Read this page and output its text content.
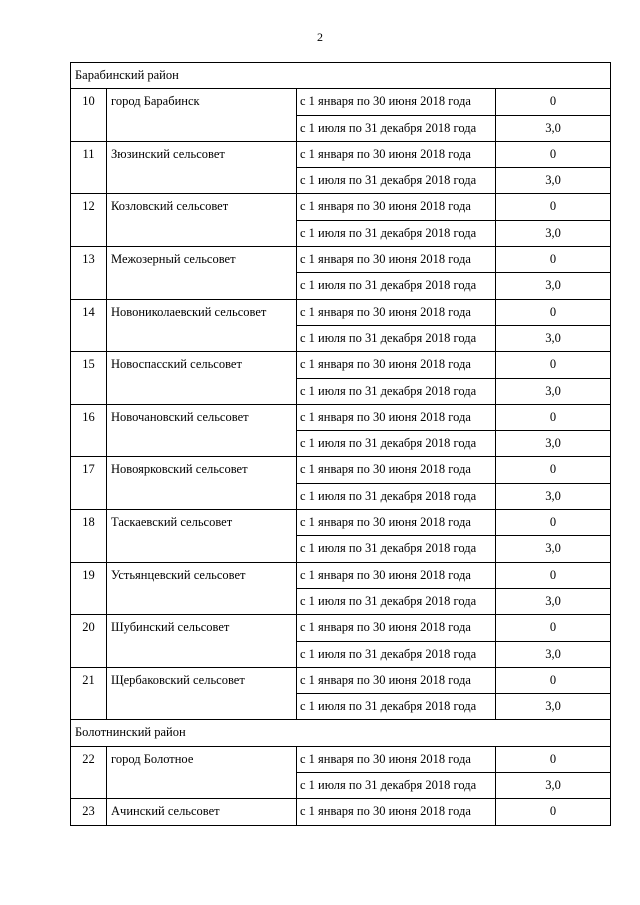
2
Барабинский район			
10	город Барабинск	с 1 января по 30 июня 2018 года	0
		с 1 июля по 31 декабря 2018 года	3,0
11	Зюзинский сельсовет	с 1 января по 30 июня 2018 года	0
		с 1 июля по 31 декабря 2018 года	3,0
12	Козловский сельсовет	с 1 января по 30 июня 2018 года	0
		с 1 июля по 31 декабря 2018 года	3,0
13	Межозерный сельсовет	с 1 января по 30 июня 2018 года	0
		с 1 июля по 31 декабря 2018 года	3,0
14	Новониколаевский сельсовет	с 1 января по 30 июня 2018 года	0
		с 1 июля по 31 декабря 2018 года	3,0
15	Новоспасский сельсовет	с 1 января по 30 июня 2018 года	0
		с 1 июля по 31 декабря 2018 года	3,0
16	Новочановский сельсовет	с 1 января по 30 июня 2018 года	0
		с 1 июля по 31 декабря 2018 года	3,0
17	Новоярковский сельсовет	с 1 января по 30 июня 2018 года	0
		с 1 июля по 31 декабря 2018 года	3,0
18	Таскаевский сельсовет	с 1 января по 30 июня 2018 года	0
		с 1 июля по 31 декабря 2018 года	3,0
19	Устьянцевский сельсовет	с 1 января по 30 июня 2018 года	0
		с 1 июля по 31 декабря 2018 года	3,0
20	Шубинский сельсовет	с 1 января по 30 июня 2018 года	0
		с 1 июля по 31 декабря 2018 года	3,0
21	Щербаковский сельсовет	с 1 января по 30 июня 2018 года	0
		с 1 июля по 31 декабря 2018 года	3,0
Болотнинский район			
22	город Болотное	с 1 января по 30 июня 2018 года	0
		с 1 июля по 31 декабря 2018 года	3,0
23	Ачинский сельсовет	с 1 января по 30 июня 2018 года	0
